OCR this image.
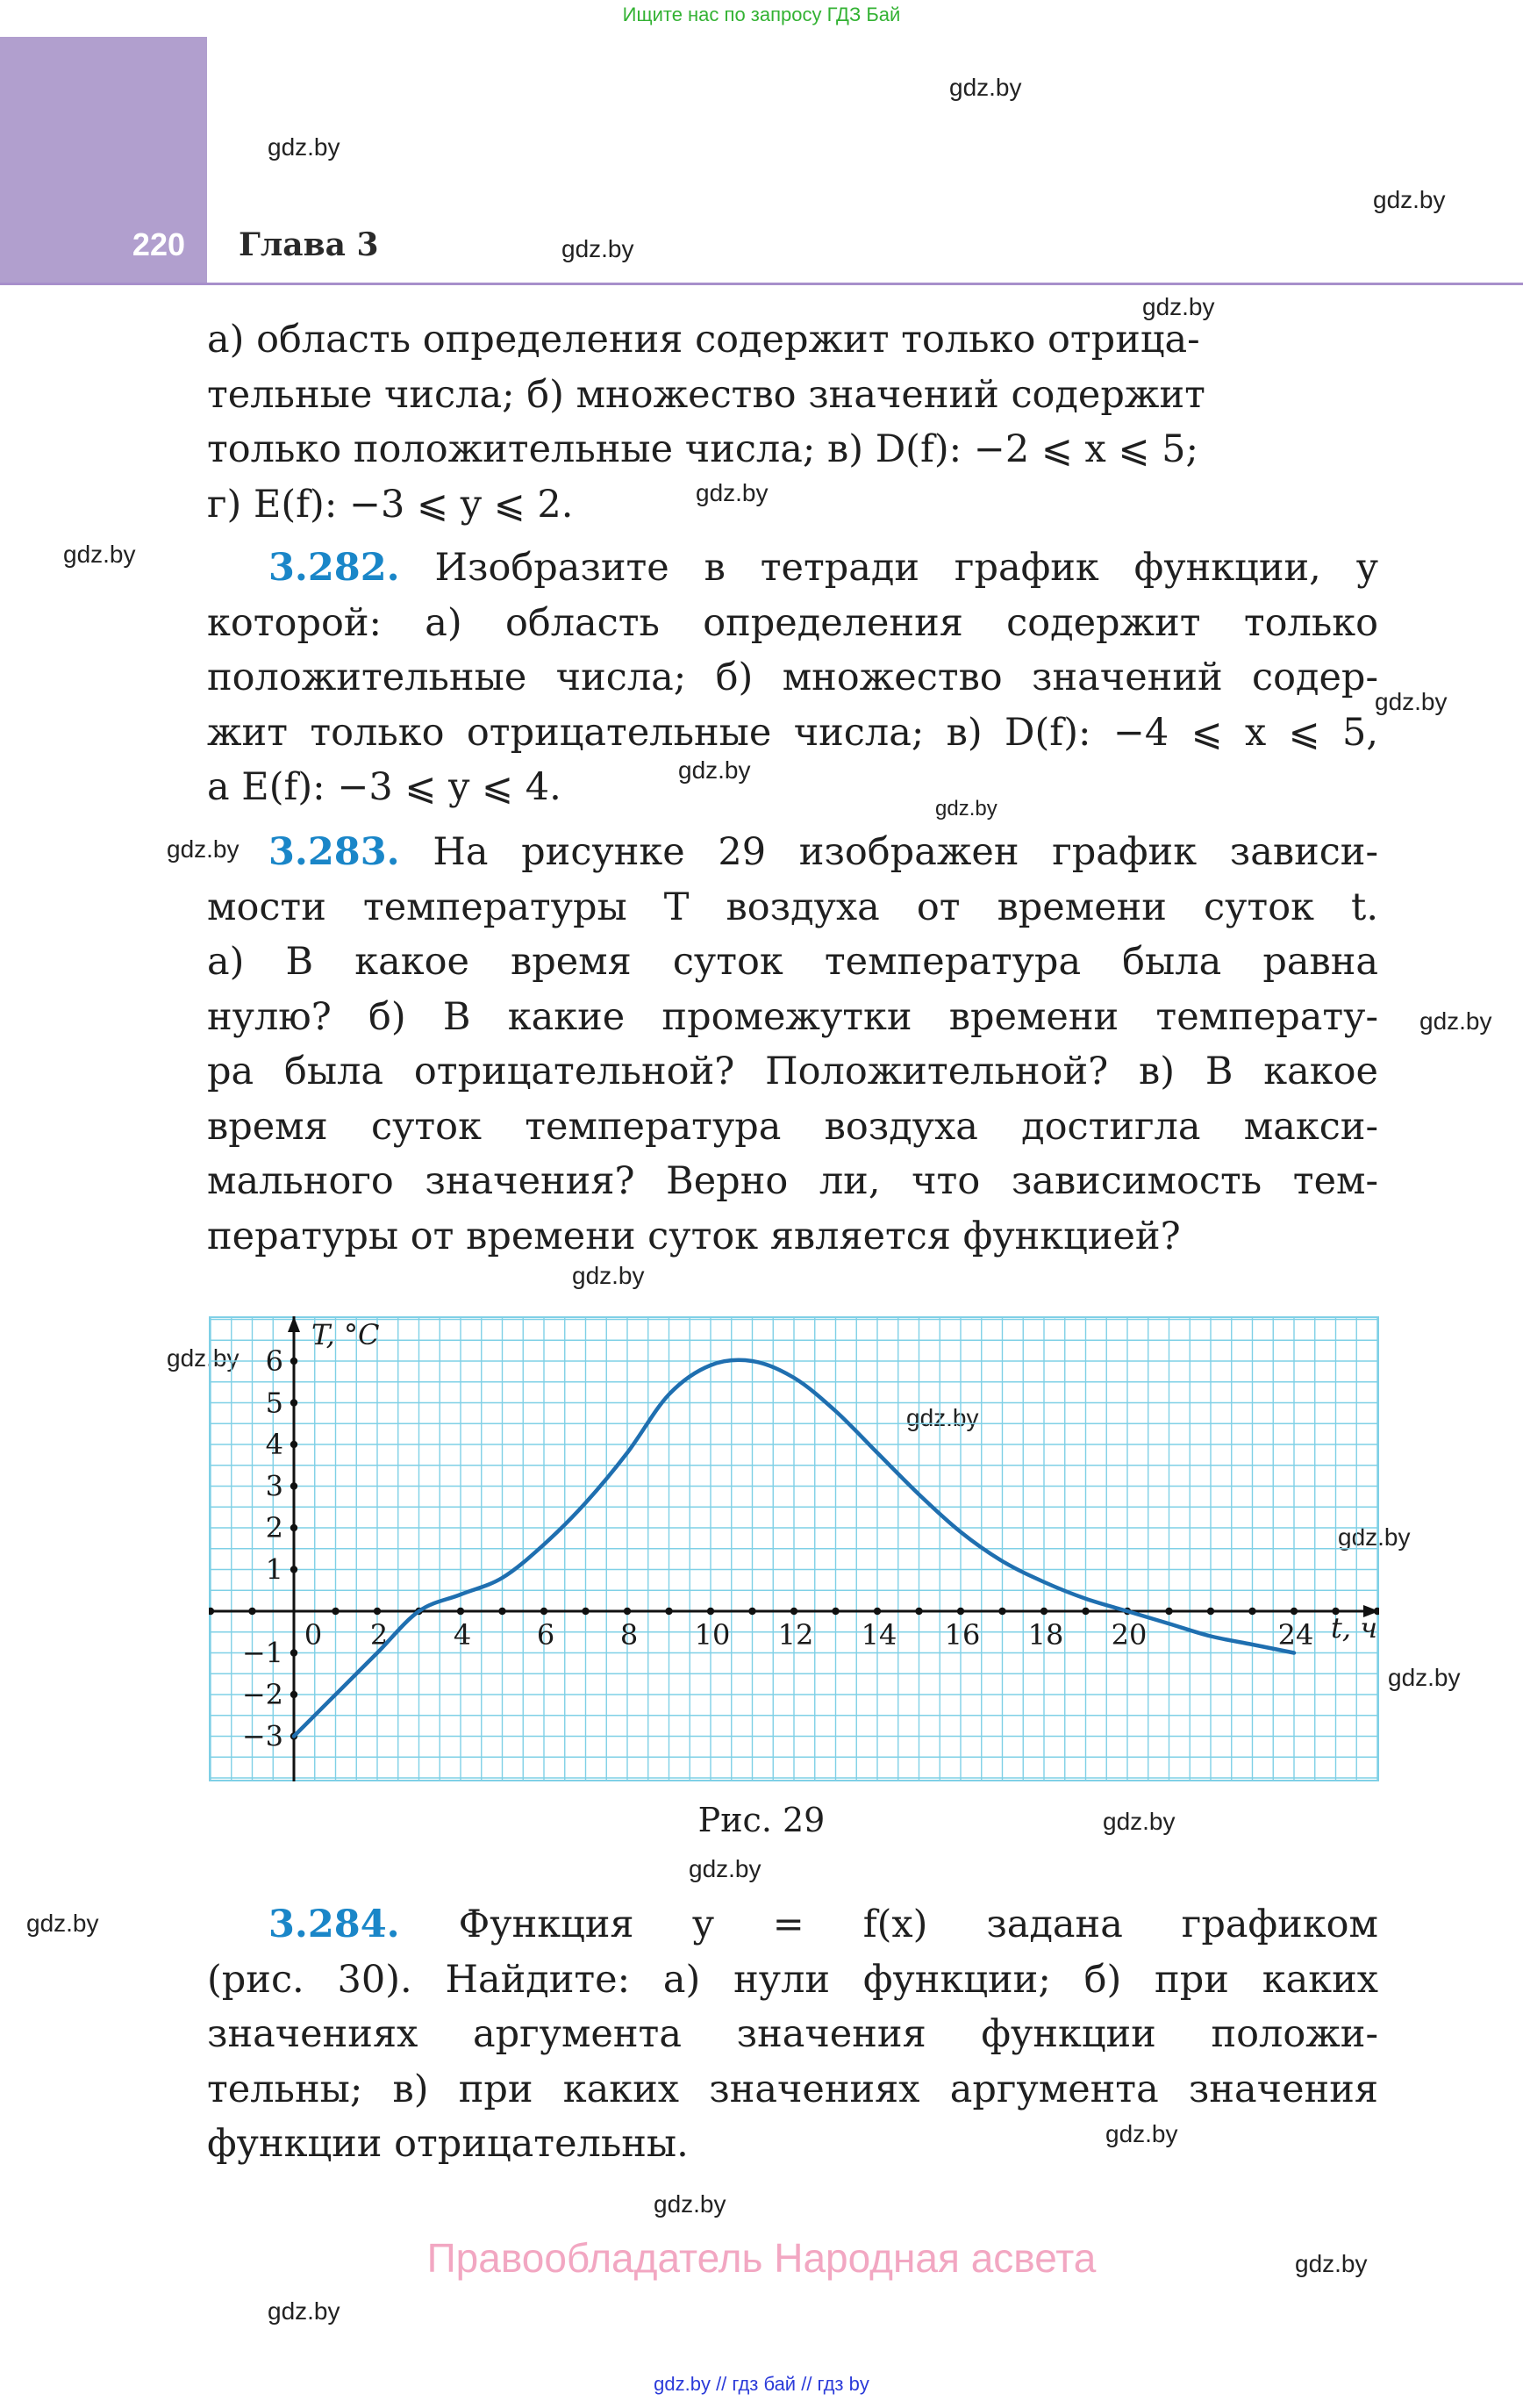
Ищите нас по запросу ГДЗ Бай
220	Глава 3
gdz.by
gdz.by
gdz.by
gdz.by
gdz.by
gdz.by
gdz.by
gdz.by
gdz.by
gdz.by
gdz.by
gdz.by
gdz.by
gdz.by
gdz.by
gdz.by
gdz.by
gdz.by
gdz.by
gdz.by
gdz.by
gdz.by
gdz.by
gdz.by
а) область определения содержит только отрица-
тельные числа; б) множество значений содержит
только положительные числа; в) D(f): −2 ⩽ x ⩽ 5;
г) E(f): −3 ⩽ y ⩽ 2.
3.282. Изобразите в тетради график функции, у
которой: а) область определения содержит только
положительные числа; б) множество значений содер-
жит только отрицательные числа; в) D(f): −4 ⩽ x ⩽ 5,
а E(f): −3 ⩽ y ⩽ 4.
3.283. На рисунке 29 изображен график зависи-
мости температуры T воздуха от времени суток t.
а) В какое время суток температура была равна
нулю? б) В какие промежутки времени температу-
ра была отрицательной? Положительной? в) В какое
время суток температура воздуха достигла макси-
мального значения? Верно ли, что зависимость тем-
пературы от времени суток является функцией?
0 2 4 6 8 10 12 14 16 18 20	24
6
5
4
3
2
1
−1
−2
−3
T, °C
t, ч
Рис. 29
3.284. Функция y = f(x) задана графиком
(рис. 30). Найдите: а) нули функции; б) при каких
значениях аргумента значения функции положи-
тельны; в) при каких значениях аргумента значения
функции отрицательны.
Правообладатель Народная асвета
gdz.by // гдз бай // гдз by
